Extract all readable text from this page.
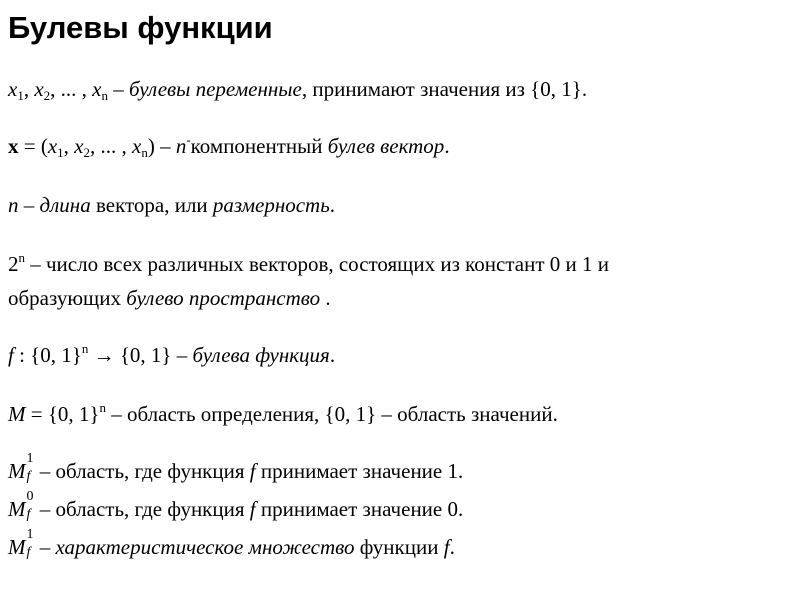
Булевы функции
$x_1$, $x_2$, ... , $x_n$ – булевы переменные, принимают значения из {0, 1}.
$x = (x_1$, $x_2$, ... , $x_n$) – n-компонентный булев вектор.
n – длина вектора, или размерность.
2$^n$ – число всех различных векторов, состоящих из констант 0 и 1 и
образующих булево пространство .
f : {0, 1}$^n$ → {0, 1} – булева функция.
M = {0, 1}$^n$ – область определения, {0, 1} – область значений.
M
1
f – область, где функция f принимает значение 1.
M
0
f – область, где функция f принимает значение 0.
M
1
f – характеристическое множество функции f.
